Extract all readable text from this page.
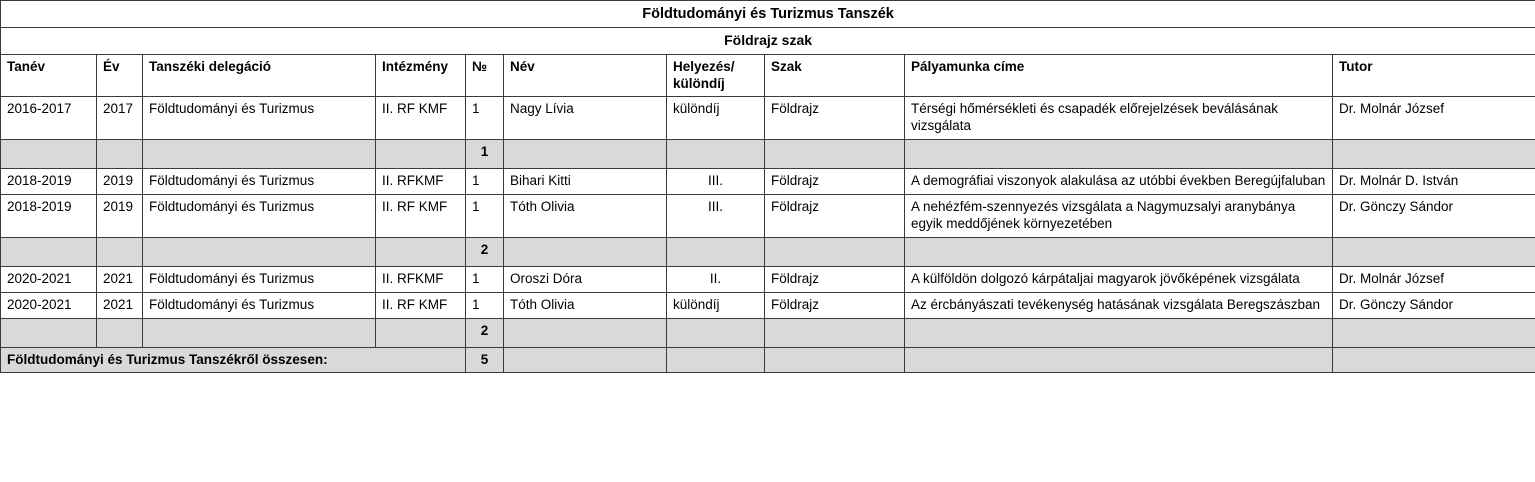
Földtudományi és Turizmus Tanszék									
Földrajz szak									
Tanév	Év	Tanszéki delegáció	Intézmény	№	Név	Helyezés/
különdíj	Szak	Pályamunka címe	Tutor
2016-2017	2017	Földtudományi és Turizmus	II. RF KMF	1	Nagy Lívia	különdíj	Földrajz	Térségi hőmérsékleti és csapadék előrejelzések beválásának vizsgálata	Dr. Molnár József
				1					
2018-2019	2019	Földtudományi és Turizmus	II. RFKMF	1	Bihari Kitti	III.	Földrajz	A demográfiai viszonyok alakulása az utóbbi években Beregújfaluban	Dr. Molnár D. István
2018-2019	2019	Földtudományi és Turizmus	II. RF KMF	1	Tóth Olivia	III.	Földrajz	A nehézfém-szennyezés vizsgálata a Nagymuzsalyi aranybánya egyik meddőjének környezetében	Dr. Gönczy Sándor
				2					
2020-2021	2021	Földtudományi és Turizmus	II. RFKMF	1	Oroszi Dóra	II.	Földrajz	A külföldön dolgozó kárpátaljai magyarok jövőképének vizsgálata	Dr. Molnár József
2020-2021	2021	Földtudományi és Turizmus	II. RF KMF	1	Tóth Olivia	különdíj	Földrajz	Az ércbányászati tevékenység hatásának vizsgálata Beregszászban	Dr. Gönczy Sándor
				2					
Földtudományi és Turizmus Tanszékről összesen:				5					
